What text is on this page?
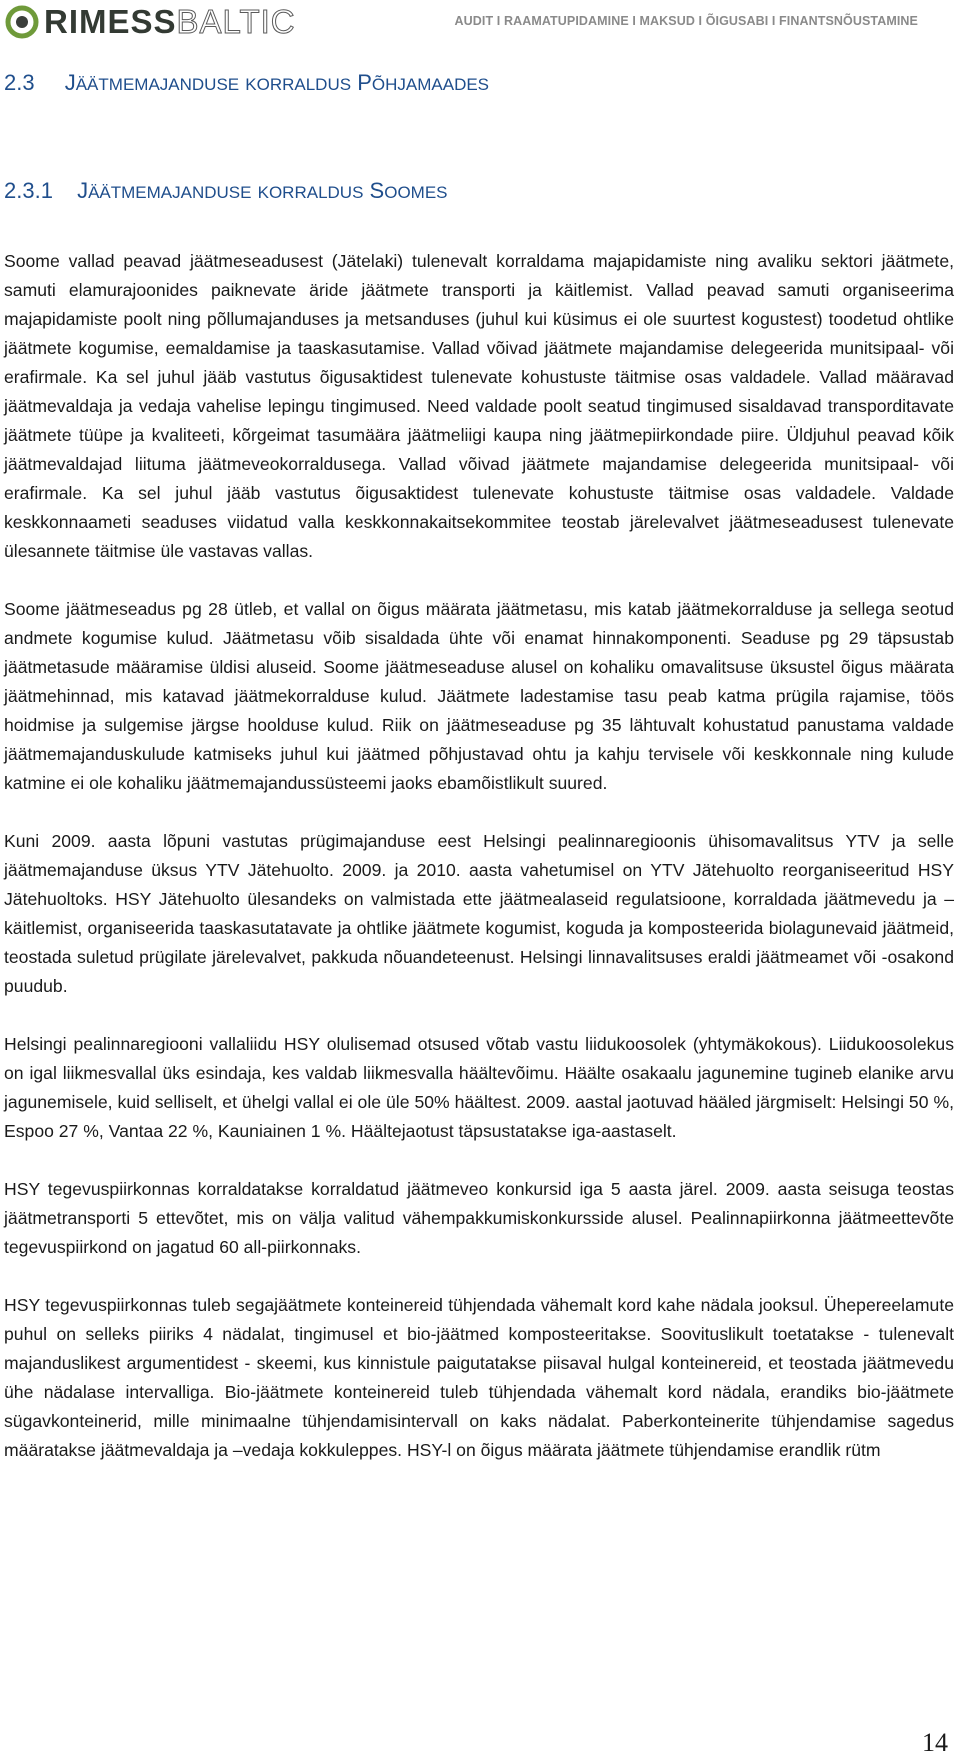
RIMESS BALTIC	AUDIT I RAAMATUPIDAMINE I MAKSUD I ÕIGUSABI I FINANTSNÕUSTAMINE
2.3 JÄÄTMEMAJANDUSE KORRALDUS PÕHJAMAADES
2.3.1 JÄÄTMEMAJANDUSE KORRALDUS SOOMES

Soome vallad peavad jäätmeseadusest (Jätelaki) tulenevalt korraldama majapidamiste ning avaliku sektori jäätmete, samuti elamurajoonides paiknevate äride jäätmete transporti ja käitlemist. Vallad peavad samuti organiseerima majapidamiste poolt ning põllumajanduses ja metsanduses (juhul kui küsimus ei ole suurtest kogustest) toodetud ohtlike jäätmete kogumise, eemaldamise ja taaskasutamise. Vallad võivad jäätmete majandamise delegeerida munitsipaal- või erafirmale. Ka sel juhul jääb vastutus õigusaktidest tulenevate kohustuste täitmise osas valdadele. Vallad määravad jäätmevaldaja ja vedaja vahelise lepingu tingimused. Need valdade poolt seatud tingimused sisaldavad transporditavate jäätmete tüüpe ja kvaliteeti, kõrgeimat tasumäära jäätmeliigi kaupa ning jäätmepiirkondade piire. Üldjuhul peavad kõik jäätmevaldajad liituma jäätmeveokorraldusega. Vallad võivad jäätmete majandamise delegeerida munitsipaal- või erafirmale. Ka sel juhul jääb vastutus õigusaktidest tulenevate kohustuste täitmise osas valdadele. Valdade keskkonnaameti seaduses viidatud valla keskkonnakaitsekommitee teostab järelevalvet jäätmeseadusest tulenevate ülesannete täitmise üle vastavas vallas.

Soome jäätmeseadus pg 28 ütleb, et vallal on õigus määrata jäätmetasu, mis katab jäätmekorralduse ja sellega seotud andmete kogumise kulud. Jäätmetasu võib sisaldada ühte või enamat hinnakomponenti. Seaduse pg 29 täpsustab jäätmetasude määramise üldisi aluseid. Soome jäätmeseaduse alusel on kohaliku omavalitsuse üksustel õigus määrata jäätmehinnad, mis katavad jäätmekorralduse kulud. Jäätmete ladestamise tasu peab katma prügila rajamise, töös hoidmise ja sulgemise järgse hoolduse kulud. Riik on jäätmeseaduse pg 35 lähtuvalt kohustatud panustama valdade jäätmemajanduskulude katmiseks juhul kui jäätmed põhjustavad ohtu ja kahju tervisele või keskkonnale ning kulude katmine ei ole kohaliku jäätmemajandussüsteemi jaoks ebamõistlikult suured.

Kuni 2009. aasta lõpuni vastutas prügimajanduse eest Helsingi pealinnaregioonis ühisomavalitsus YTV ja selle jäätmemajanduse üksus YTV Jätehuolto. 2009. ja 2010. aasta vahetumisel on YTV Jätehuolto reorganiseeritud HSY Jätehuoltoks. HSY Jätehuolto ülesandeks on valmistada ette jäätmealaseid regulatsioone, korraldada jäätmevedu ja –käitlemist, organiseerida taaskasutatavate ja ohtlike jäätmete kogumist, koguda ja komposteerida biolagunevaid jäätmeid, teostada suletud prügilate järelevalvet, pakkuda nõuandeteenust. Helsingi linnavalitsuses eraldi jäätmeamet või -osakond puudub.

Helsingi pealinnaregiooni vallaliidu HSY olulisemad otsused võtab vastu liidukoosolek (yhtymäkokous). Liidukoosolekus on igal liikmesvallal üks esindaja, kes valdab liikmesvalla häältevõimu. Häälte osakaalu jagunemine tugineb elanike arvu jagunemisele, kuid selliselt, et ühelgi vallal ei ole üle 50% häältest. 2009. aastal jaotuvad hääled järgmiselt: Helsingi 50 %, Espoo 27 %, Vantaa 22 %, Kauniainen 1 %. Häältejaotust täpsustatakse iga-aastaselt.

HSY tegevuspiirkonnas korraldatakse korraldatud jäätmeveo konkursid iga 5 aasta järel. 2009. aasta seisuga teostas jäätmetransporti 5 ettevõtet, mis on välja valitud vähempakkumiskonkursside alusel. Pealinnapiirkonna jäätmeettevõte tegevuspiirkond on jagatud 60 all-piirkonnaks.

HSY tegevuspiirkonnas tuleb segajäätmete konteinereid tühjendada vähemalt kord kahe nädala jooksul. Ühepereelamute puhul on selleks piiriks 4 nädalat, tingimusel et bio-jäätmed komposteeritakse. Soovituslikult toetatakse - tulenevalt majanduslikest argumentidest - skeemi, kus kinnistule paigutatakse piisaval hulgal konteinereid, et teostada jäätmevedu ühe nädalase intervalliga. Bio-jäätmete konteinereid tuleb tühjendada vähemalt kord nädala, erandiks bio-jäätmete sügavkonteinerid, mille minimaalne tühjendamisintervall on kaks nädalat. Paberkonteinerite tühjendamise sagedus määratakse jäätmevaldaja ja –vedaja kokkuleppes. HSY-l on õigus määrata jäätmete tühjendamise erandlik rütm

14
